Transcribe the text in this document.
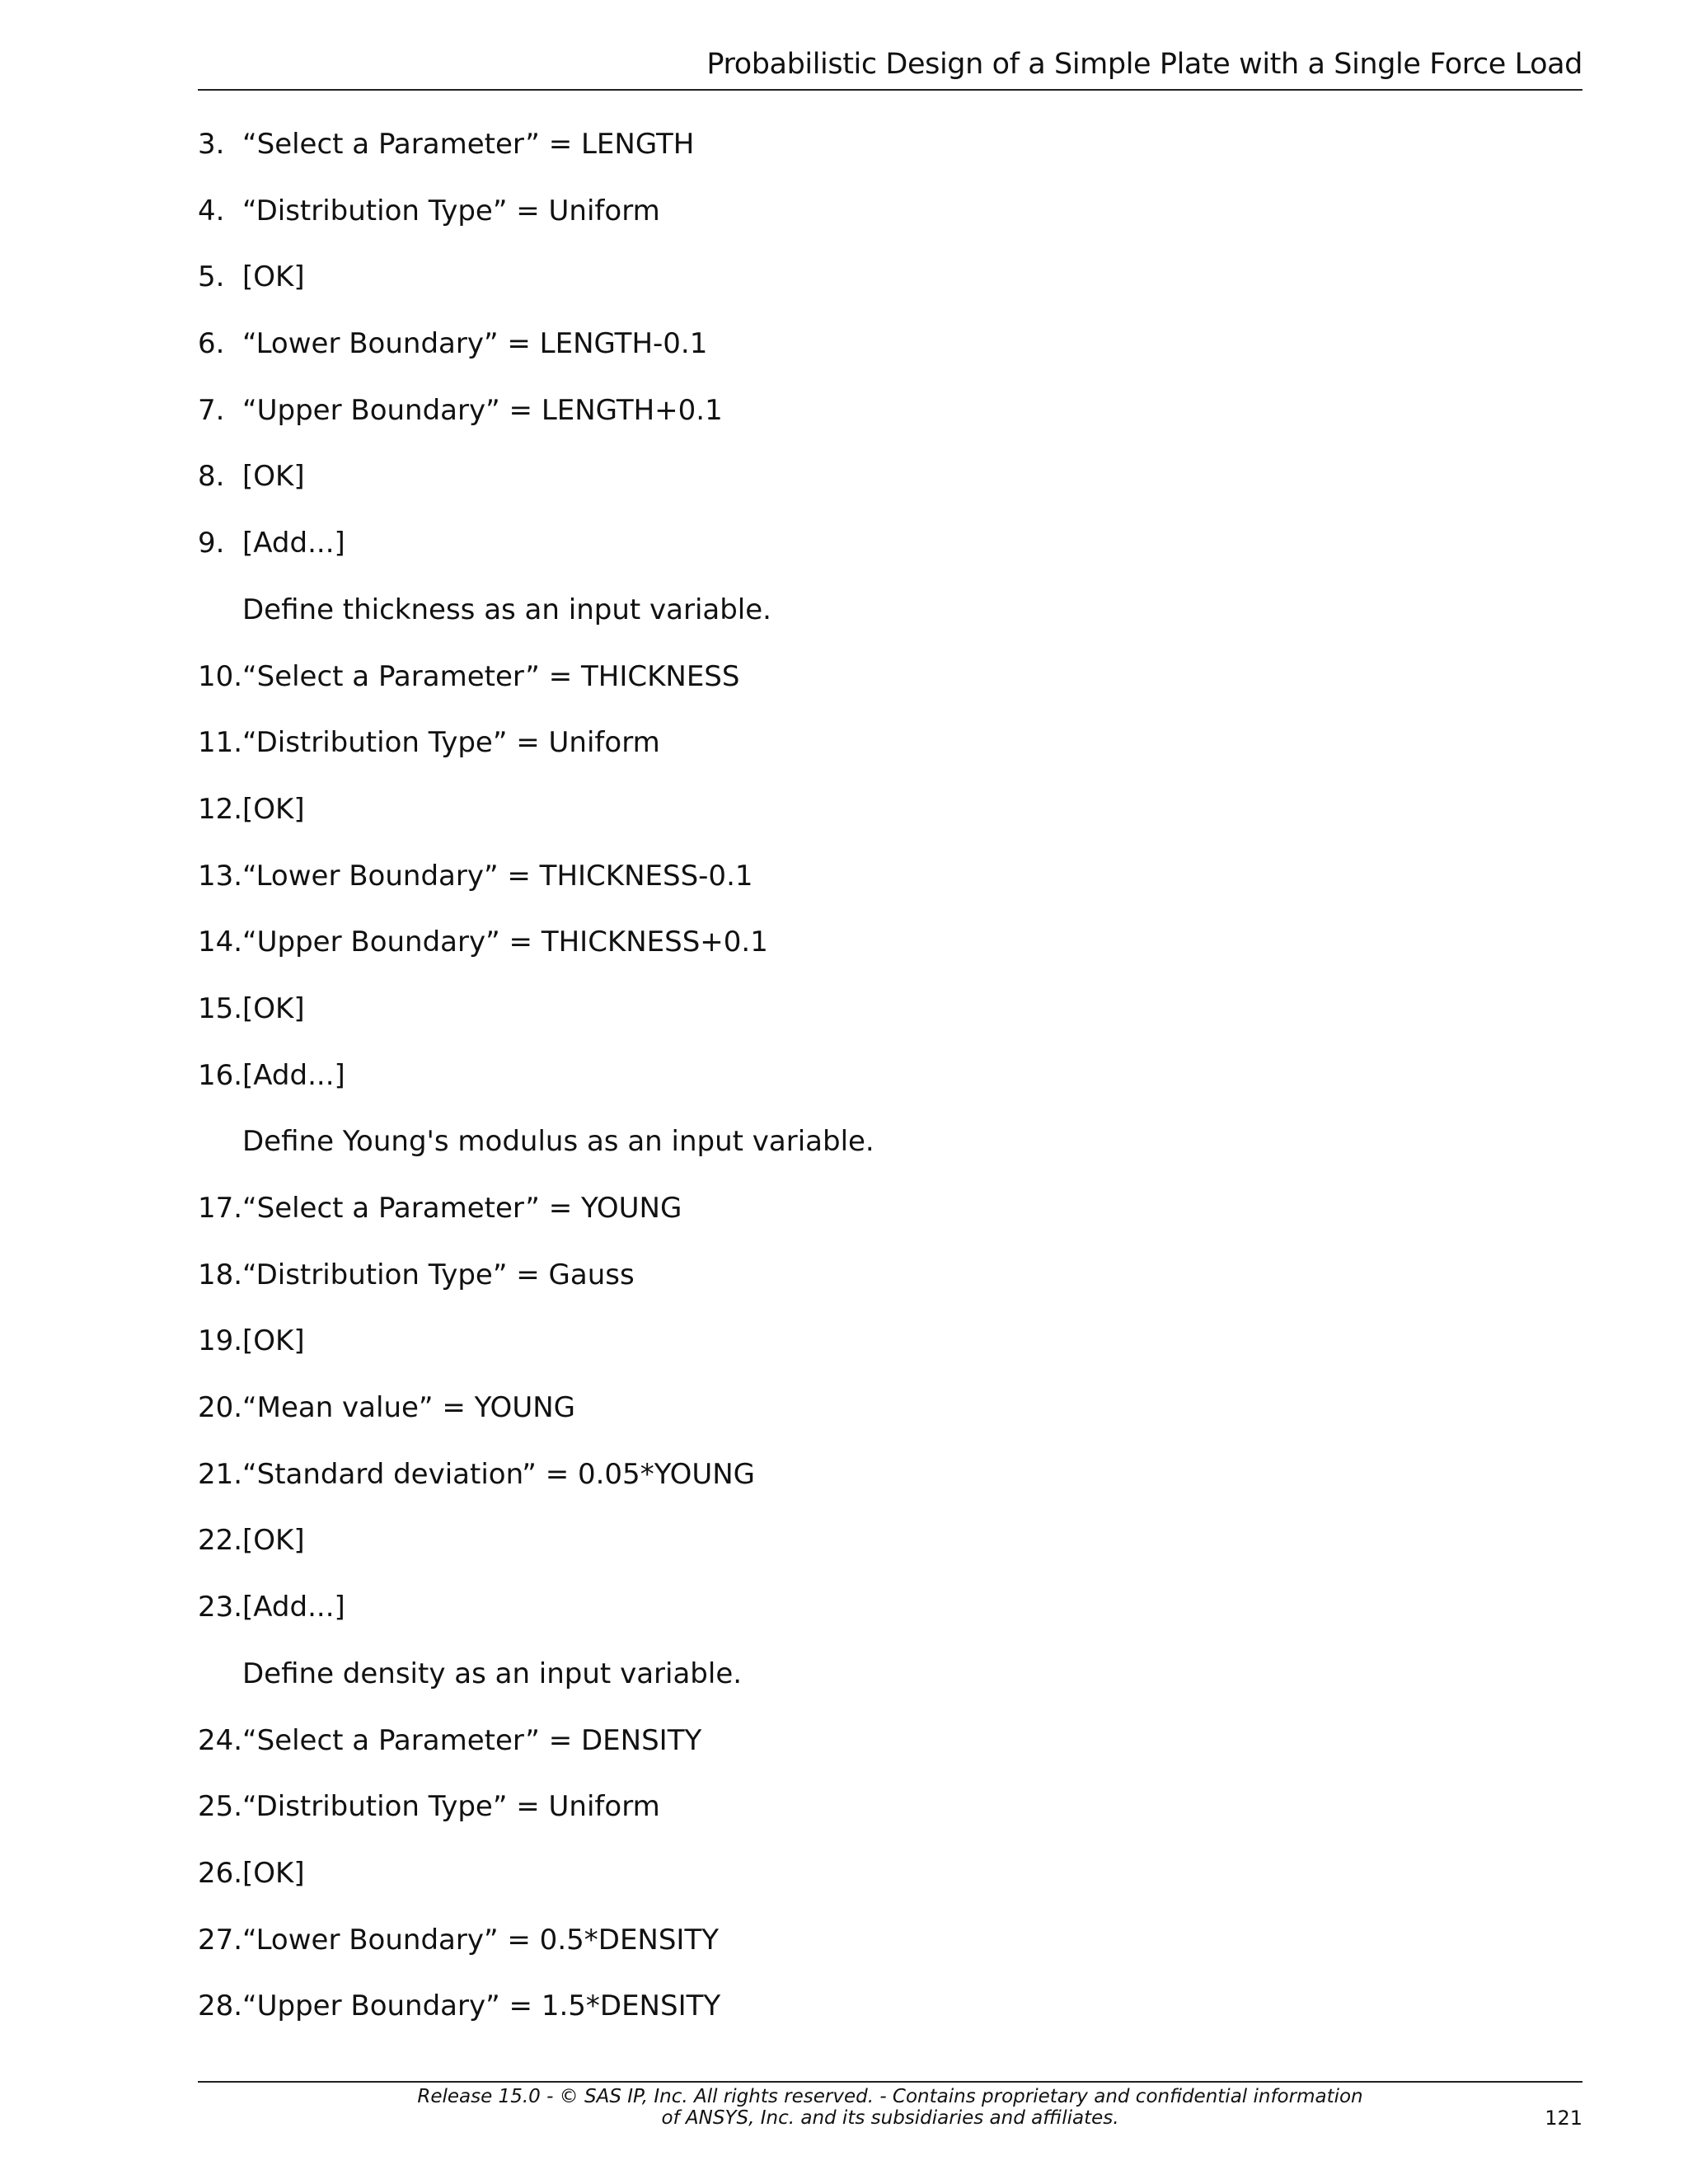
Probabilistic Design of a Simple Plate with a Single Force Load
3. “Select a Parameter” = LENGTH
4. “Distribution Type” = Uniform
5. [OK]
6. “Lower Boundary” = LENGTH-0.1
7. “Upper Boundary” = LENGTH+0.1
8. [OK]
9. [Add...]
Define thickness as an input variable.
10. “Select a Parameter” = THICKNESS
11. “Distribution Type” = Uniform
12. [OK]
13. “Lower Boundary” = THICKNESS-0.1
14. “Upper Boundary” = THICKNESS+0.1
15. [OK]
16. [Add...]
Define Young's modulus as an input variable.
17. “Select a Parameter” = YOUNG
18. “Distribution Type” = Gauss
19. [OK]
20. “Mean value” = YOUNG
21. “Standard deviation” = 0.05*YOUNG
22. [OK]
23. [Add...]
Define density as an input variable.
24. “Select a Parameter” = DENSITY
25. “Distribution Type” = Uniform
26. [OK]
27. “Lower Boundary” = 0.5*DENSITY
28. “Upper Boundary” = 1.5*DENSITY
Release 15.0 - © SAS IP, Inc. All rights reserved. - Contains proprietary and confidential information
of ANSYS, Inc. and its subsidiaries and affiliates.	121
